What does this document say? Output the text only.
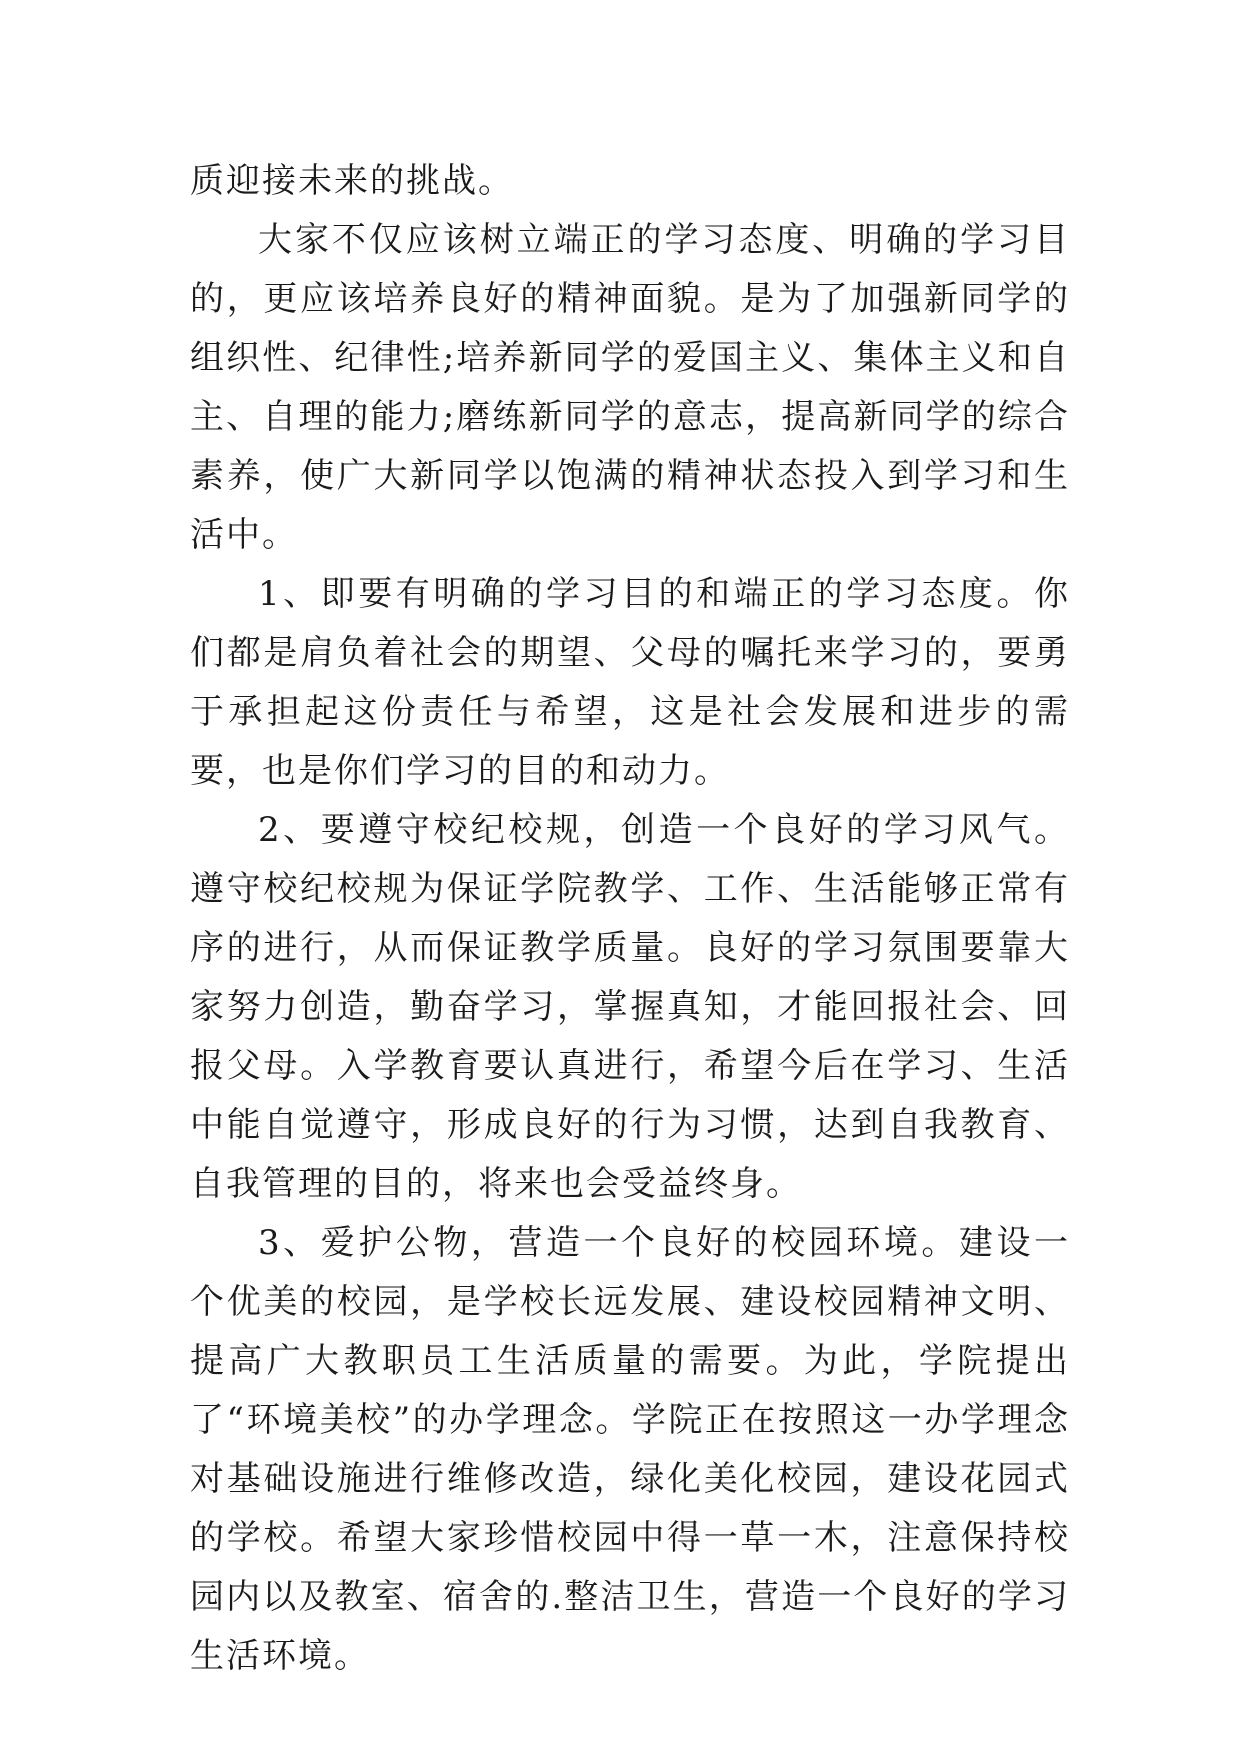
质迎接未来的挑战。

大家不仅应该树立端正的学习态度、明确的学习目的，更应该培养良好的精神面貌。是为了加强新同学的组织性、纪律性;培养新同学的爱国主义、集体主义和自主、自理的能力;磨练新同学的意志，提高新同学的综合素养，使广大新同学以饱满的精神状态投入到学习和生活中。

1、即要有明确的学习目的和端正的学习态度。你们都是肩负着社会的期望、父母的嘱托来学习的，要勇于承担起这份责任与希望，这是社会发展和进步的需要，也是你们学习的目的和动力。

2、要遵守校纪校规，创造一个良好的学习风气。遵守校纪校规为保证学院教学、工作、生活能够正常有序的进行，从而保证教学质量。良好的学习氛围要靠大家努力创造，勤奋学习，掌握真知，才能回报社会、回报父母。入学教育要认真进行，希望今后在学习、生活中能自觉遵守，形成良好的行为习惯，达到自我教育、自我管理的目的，将来也会受益终身。

3、爱护公物，营造一个良好的校园环境。建设一个优美的校园，是学校长远发展、建设校园精神文明、提高广大教职员工生活质量的需要。为此，学院提出了“环境美校”的办学理念。学院正在按照这一办学理念对基础设施进行维修改造，绿化美化校园，建设花园式的学校。希望大家珍惜校园中得一草一木，注意保持校园内以及教室、宿舍的.整洁卫生，营造一个良好的学习生活环境。
